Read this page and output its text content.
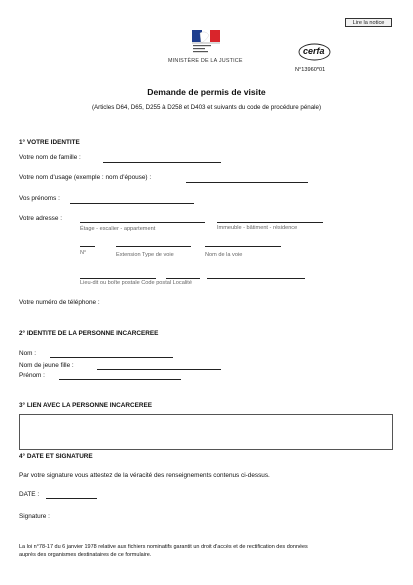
Lire la notice
MINISTÈRE DE LA JUSTICE
cerfa
N°13960*01
Demande de permis de visite
(Articles D64, D65, D255 à D258 et D403 et suivants du code de procédure pénale)
1° VOTRE IDENTITE
Votre nom de famille :
Votre nom d'usage (exemple : nom d'épouse) :
Vos prénoms :
Votre adresse :
Étage - escalier - appartement	Immeuble - bâtiment - résidence
N°	Extension Type de voie	Nom de la voie
Lieu-dit ou boîte postale Code postal Localité
Votre numéro de téléphone :
2° IDENTITE DE LA PERSONNE INCARCEREE
Nom :
Nom de jeune fille :
Prénom :
3° LIEN AVEC LA PERSONNE INCARCEREE
4° DATE ET SIGNATURE
Par votre signature vous attestez de la véracité des renseignements contenus ci-dessus.
DATE :
Signature :
La loi n°78-17 du 6 janvier 1978 relative aux fichiers nominatifs garantit un droit d'accès et de rectification des données
auprès des organismes destinataires de ce formulaire.
